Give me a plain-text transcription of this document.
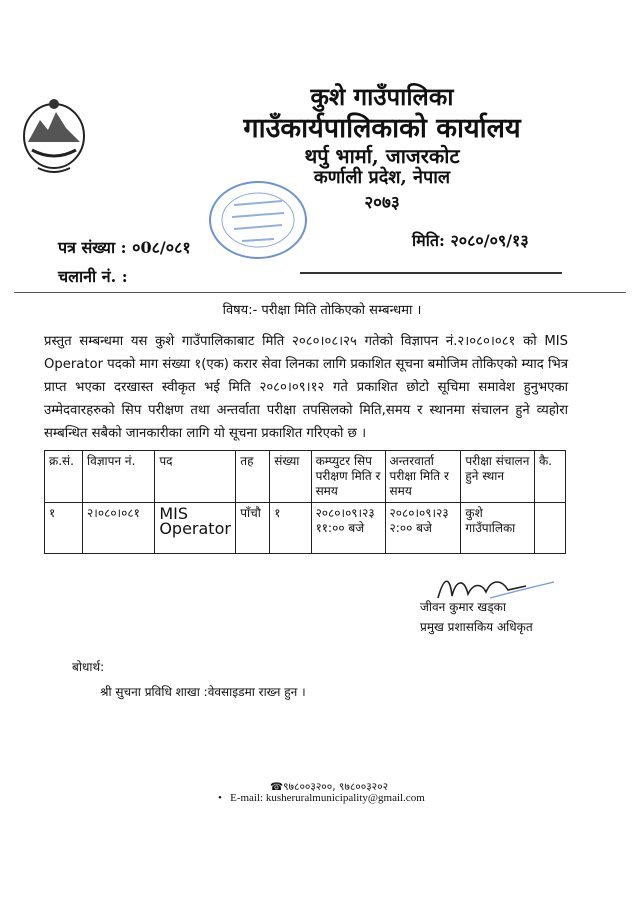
कुशे गाउँपालिका
गाउँकार्यपालिकाको कार्यालय
थर्पु भार्मा, जाजरकोट
कर्णाली प्रदेश, नेपाल
२०७३
पत्र संख्या : ०0८/०८१	मिति: २०८०/०९/१३
चलानी नं. :
विषय:- परीक्षा मिति तोकिएको सम्बन्धमा ।
प्रस्तुत सम्बन्धमा यस कुशे गाउँपालिकाबाट मिति २०८०।०८।२५ गतेको विज्ञापन नं.२।०८०।०८१ को MIS Operator पदको माग संख्या १(एक) करार सेवा लिनका लागि प्रकाशित सूचना बमोजिम तोकिएको म्याद भित्र प्राप्त भएका दरखास्त स्वीकृत भई मिति २०८०।०९।१२ गते प्रकाशित छोटो सूचिमा समावेश हुनुभएका उम्मेदवारहरुको सिप परीक्षण तथा अन्तर्वाता परीक्षा तपसिलको मिति,समय र स्थानमा संचालन हुने व्यहोरा सम्बन्धित सबैको जानकारीका लागि यो सूचना प्रकाशित गरिएको छ ।
क्र.सं.	विज्ञापन नं.	पद	तह	संख्या	कम्प्युटर सिप परीक्षण मिति र समय	अन्तरवार्ता परीक्षा मिति र समय	परीक्षा संचालन हुने स्थान	कै.
१	२।०८०।०८१	MIS Operator	पाँचौ	१	२०८०।०९।२३ ११:०० बजे	२०८०।०९।२३ २:०० बजे	कुशे गाउँपालिका	
जीवन कुमार खड्का
प्रमुख प्रशासकिय अधिकृत
बोधार्थ:
श्री सुचना प्रविधि शाखा :वेवसाइडमा राख्न हुन ।
☎९७८००३२००, ९७८००३२०२
•   E-mail: kusheruralmunicipality@gmail.com
